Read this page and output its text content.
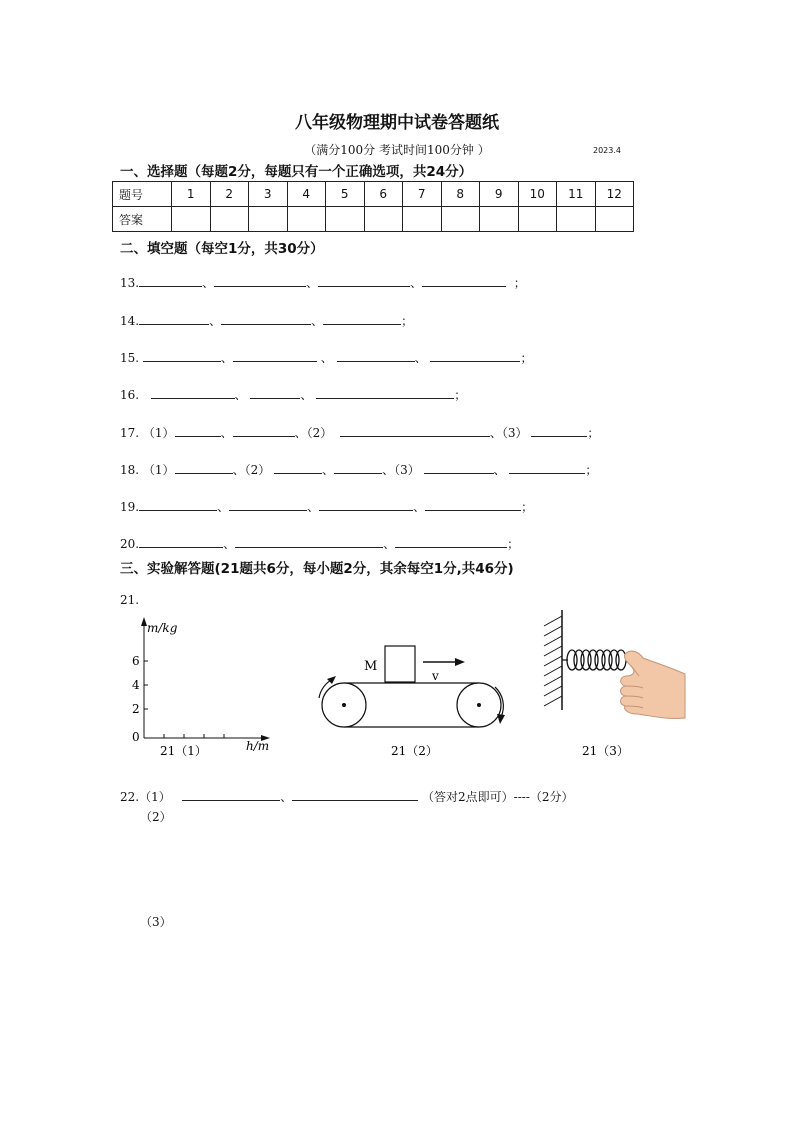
八年级物理期中试卷答题纸
（满分100分 考试时间100分钟 ）	2023.4
一、选择题（每题2分，每题只有一个正确选项，共24分）
题号	1	2	3	4	5	6	7	8	9	10	11	12
答案												
二、填空题（每空1分，共30分）
13.	、	、	、	；
14.	、	、	；
15.	、	、	、	；
16.	、	、	；
17. （1）	、	、（2）	、（3）	；
18. （1）	、（2）	、	、（3）	、	；
19.	、	、	、	；
20.	、	、	；
三、实验解答题(21题共6分，每小题2分，其余每空1分,共46分)
21.
m/kg
6
4
2
0
h/m
21（1）
M
v
21（2）	21（3）
22.（1）	、	（答对2点即可）----（2分）
（2）
（3）
